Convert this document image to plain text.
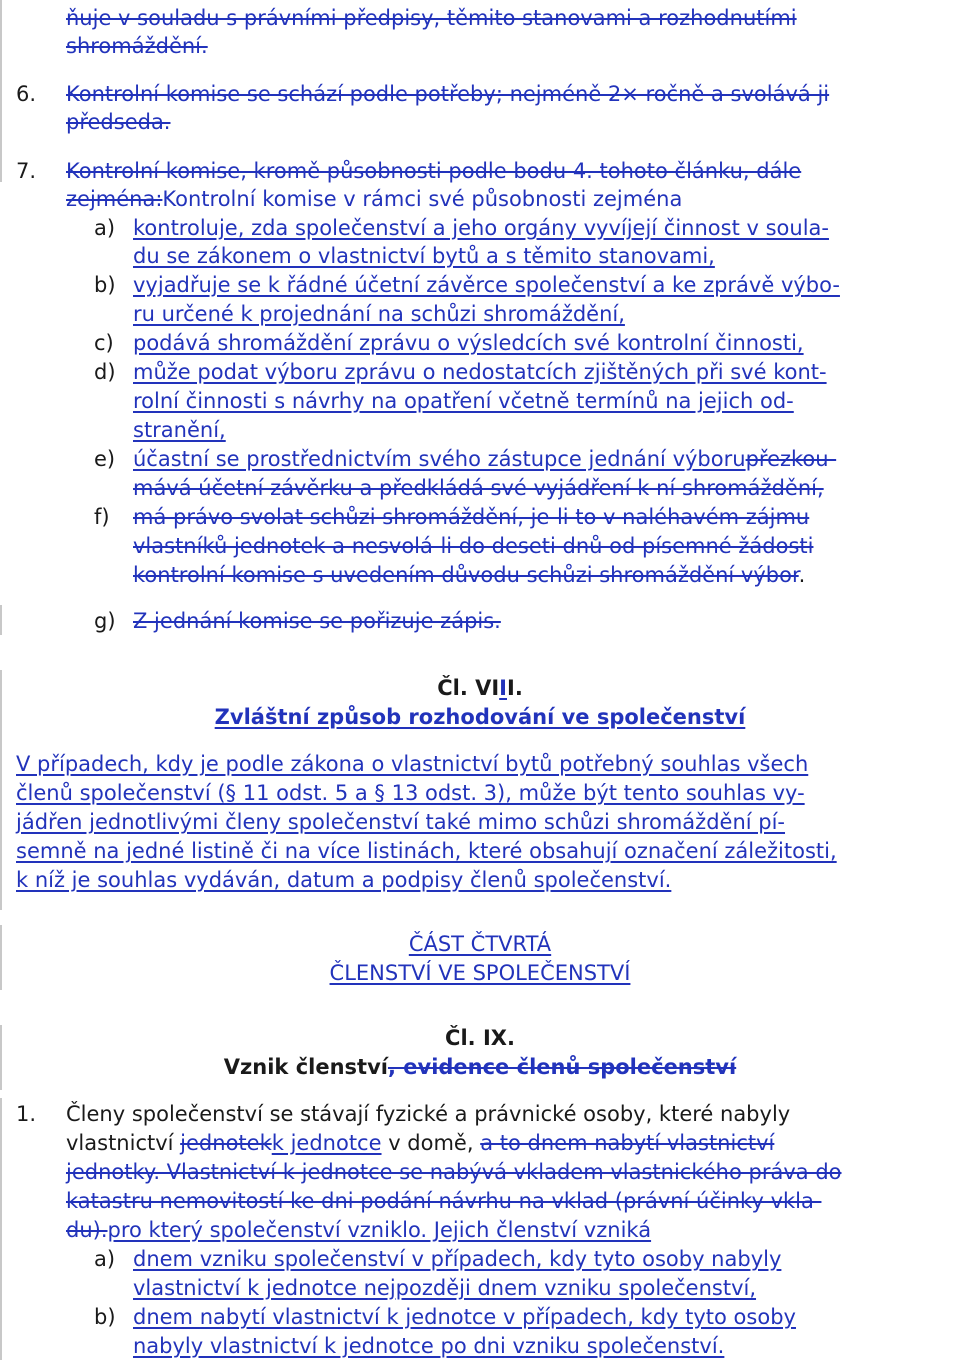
ňuje v souladu s právními předpisy, těmito stanovami a rozhodnutími
shromáždění.
6. Kontrolní komise se schází podle potřeby; nejméně 2× ročně a svolává ji
předseda.
7. Kontrolní komise, kromě působnosti podle bodu 4. tohoto článku, dále
zejména:Kontrolní komise v rámci své působnosti zejména
a) kontroluje, zda společenství a jeho orgány vyvíjejí činnost v soula-
du se zákonem o vlastnictví bytů a s těmito stanovami,
b) vyjadřuje se k řádné účetní závěrce společenství a ke zprávě výbo-
ru určené k projednání na schůzi shromáždění,
c) podává shromáždění zprávu o výsledcích své kontrolní činnosti,
d) může podat výboru zprávu o nedostatcích zjištěných při své kont-
rolní činnosti s návrhy na opatření včetně termínů na jejich od-
stranění,
e) účastní se prostřednictvím svého zástupce jednání výborupřezkou-
mává účetní závěrku a předkládá své vyjádření k ní shromáždění,
f) má právo svolat schůzi shromáždění, je-li to v naléhavém zájmu
vlastníků jednotek a nesvolá-li do deseti dnů od písemné žádosti
kontrolní komise s uvedením důvodu schůzi shromáždění výbor.
g) Z jednání komise se pořizuje zápis.
Čl. VIII.
Zvláštní způsob rozhodování ve společenství
V případech, kdy je podle zákona o vlastnictví bytů potřebný souhlas všech
členů společenství (§ 11 odst. 5 a § 13 odst. 3), může být tento souhlas vy-
jádřen jednotlivými členy společenství také mimo schůzi shromáždění pí-
semně na jedné listině či na více listinách, které obsahují označení záležitosti,
k níž je souhlas vydáván, datum a podpisy členů společenství.
ČÁST ČTVRTÁ
ČLENSTVÍ VE SPOLEČENSTVÍ
Čl. IX.
Vznik členství, evidence členů společenství
1. Členy společenství se stávají fyzické a právnické osoby, které nabyly
vlastnictví jednotekk jednotce v domě, a to dnem nabytí vlastnictví
jednotky. Vlastnictví k jednotce se nabývá vkladem vlastnického práva do
katastru nemovitostí ke dni podání návrhu na vklad (právní účinky vkla-
du).pro který společenství vzniklo. Jejich členství vzniká
a) dnem vzniku společenství v případech, kdy tyto osoby nabyly
vlastnictví k jednotce nejpozději dnem vzniku společenství,
b) dnem nabytí vlastnictví k jednotce v případech, kdy tyto osoby
nabyly vlastnictví k jednotce po dni vzniku společenství.
